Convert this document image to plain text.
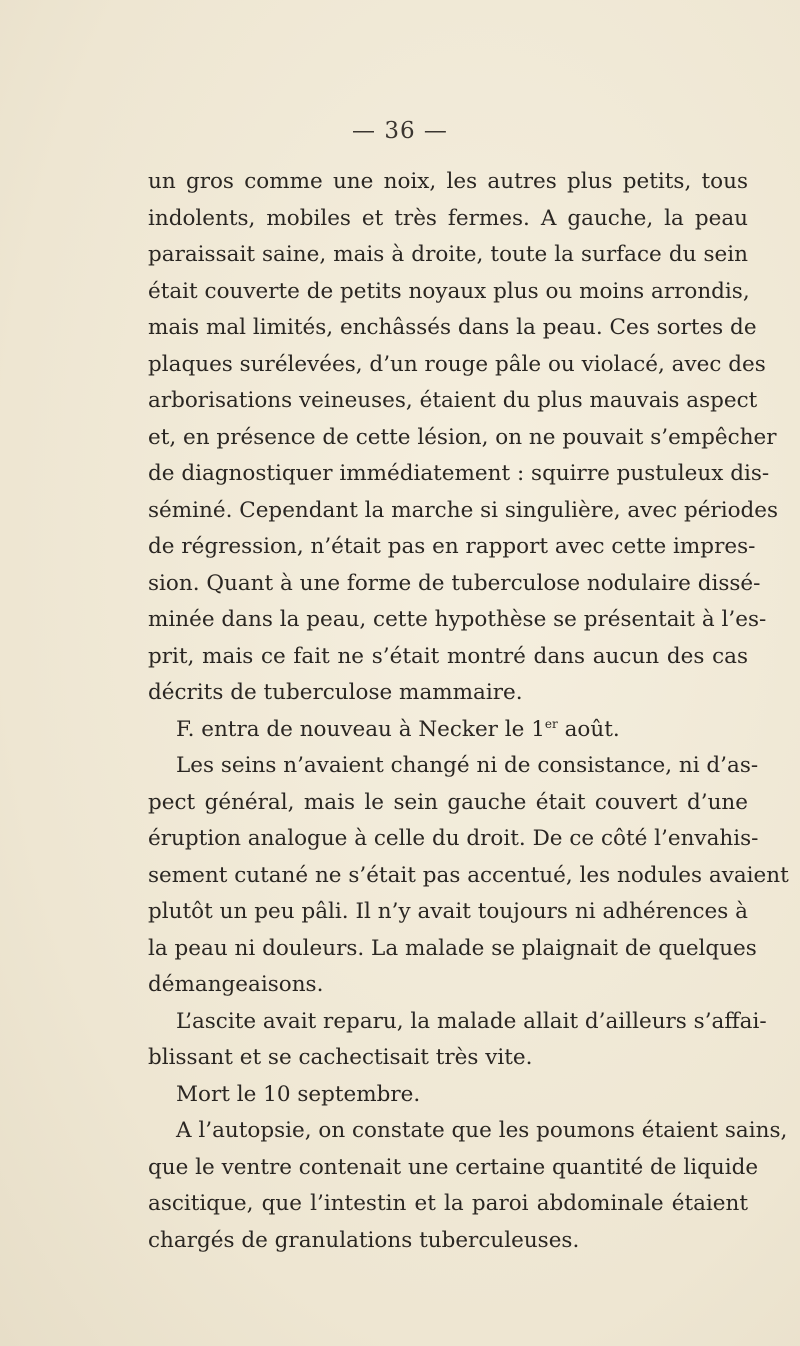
— 36 —
un gros comme une noix, les autres plus petits, tous
indolents, mobiles et très fermes. A gauche, la peau
paraissait saine, mais à droite, toute la surface du sein
était couverte de petits noyaux plus ou moins arrondis,
mais mal limités, enchâssés dans la peau. Ces sortes de
plaques surélevées, d’un rouge pâle ou violacé, avec des
arborisations veineuses, étaient du plus mauvais aspect
et, en présence de cette lésion, on ne pouvait s’empêcher
de diagnostiquer immédiatement : squirre pustuleux dis-
séminé. Cependant la marche si singulière, avec périodes
de régression, n’était pas en rapport avec cette impres-
sion. Quant à une forme de tuberculose nodulaire dissé-
minée dans la peau, cette hypothèse se présentait à l’es-
prit, mais ce fait ne s’était montré dans aucun des cas
décrits de tuberculose mammaire.
F. entra de nouveau à Necker le 1er août.
Les seins n’avaient changé ni de consistance, ni d’as-
pect général, mais le sein gauche était couvert d’une
éruption analogue à celle du droit. De ce côté l’envahis-
sement cutané ne s’était pas accentué, les nodules avaient
plutôt un peu pâli. Il n’y avait toujours ni adhérences à
la peau ni douleurs. La malade se plaignait de quelques
démangeaisons.
L’ascite avait reparu, la malade allait d’ailleurs s’affai-
blissant et se cachectisait très vite.
Mort le 10 septembre.
A l’autopsie, on constate que les poumons étaient sains,
que le ventre contenait une certaine quantité de liquide
ascitique, que l’intestin et la paroi abdominale étaient
chargés de granulations tuberculeuses.
